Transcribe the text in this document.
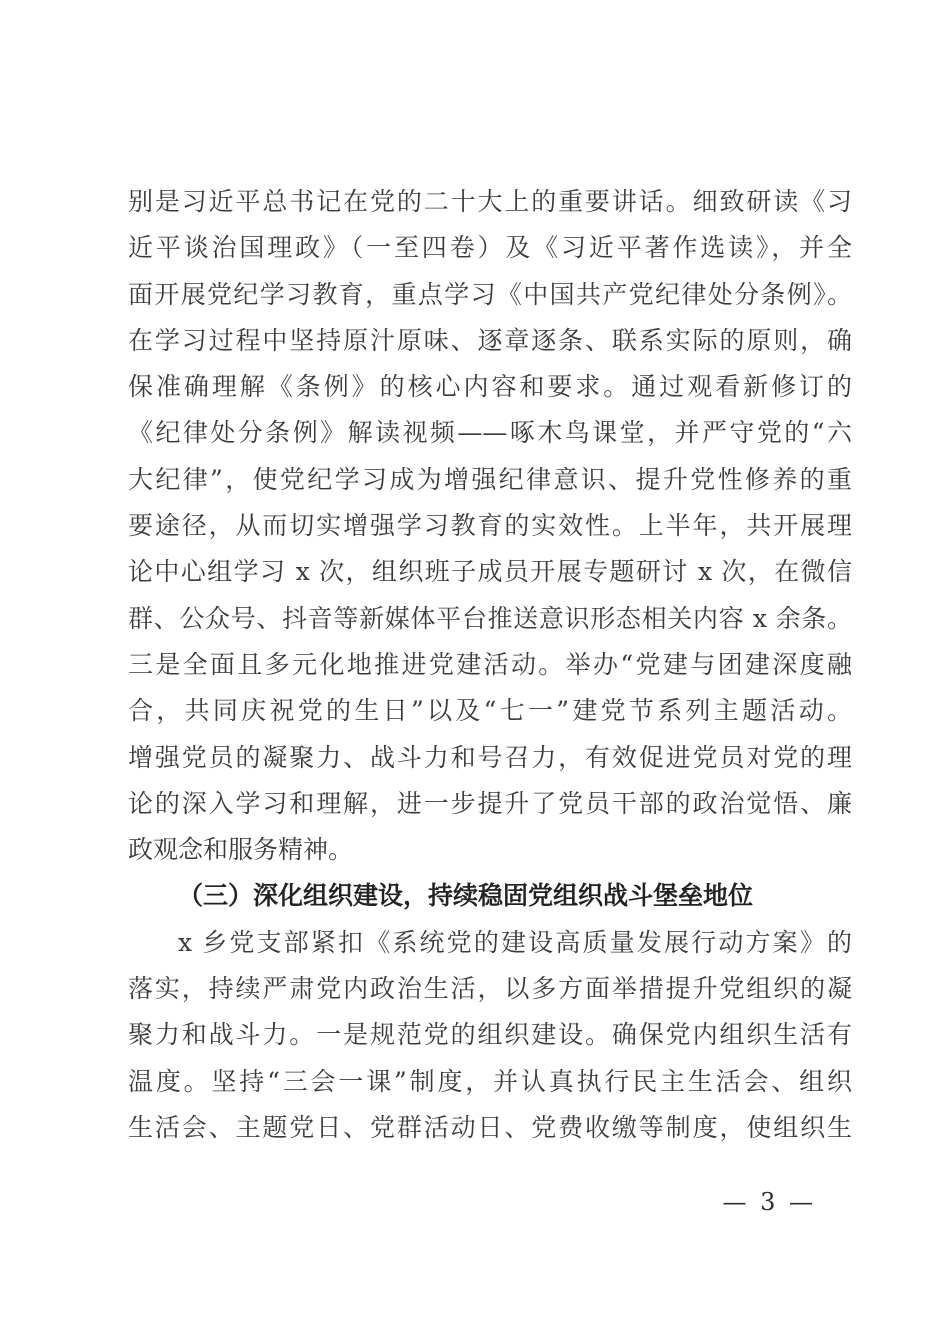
别是习近平总书记在党的二十大上的重要讲话。细致研读《习
近平谈治国理政》（一至四卷）及《习近平著作选读》，并全
面开展党纪学习教育，重点学习《中国共产党纪律处分条例》。
在学习过程中坚持原汁原味、逐章逐条、联系实际的原则，确
保准确理解《条例》的核心内容和要求。通过观看新修订的
《纪律处分条例》解读视频——啄木鸟课堂，并严守党的“六
大纪律”，使党纪学习成为增强纪律意识、提升党性修养的重
要途径，从而切实增强学习教育的实效性。上半年，共开展理
论中心组学习 x 次，组织班子成员开展专题研讨 x 次，在微信
群、公众号、抖音等新媒体平台推送意识形态相关内容 x 余条。
三是全面且多元化地推进党建活动。举办“党建与团建深度融
合，共同庆祝党的生日”以及“七一”建党节系列主题活动。
增强党员的凝聚力、战斗力和号召力，有效促进党员对党的理
论的深入学习和理解，进一步提升了党员干部的政治觉悟、廉
政观念和服务精神。
（三）深化组织建设，持续稳固党组织战斗堡垒地位
x 乡党支部紧扣《系统党的建设高质量发展行动方案》的
落实，持续严肃党内政治生活，以多方面举措提升党组织的凝
聚力和战斗力。一是规范党的组织建设。确保党内组织生活有
温度。坚持“三会一课”制度，并认真执行民主生活会、组织
生活会、主题党日、党群活动日、党费收缴等制度，使组织生
— 3 —
